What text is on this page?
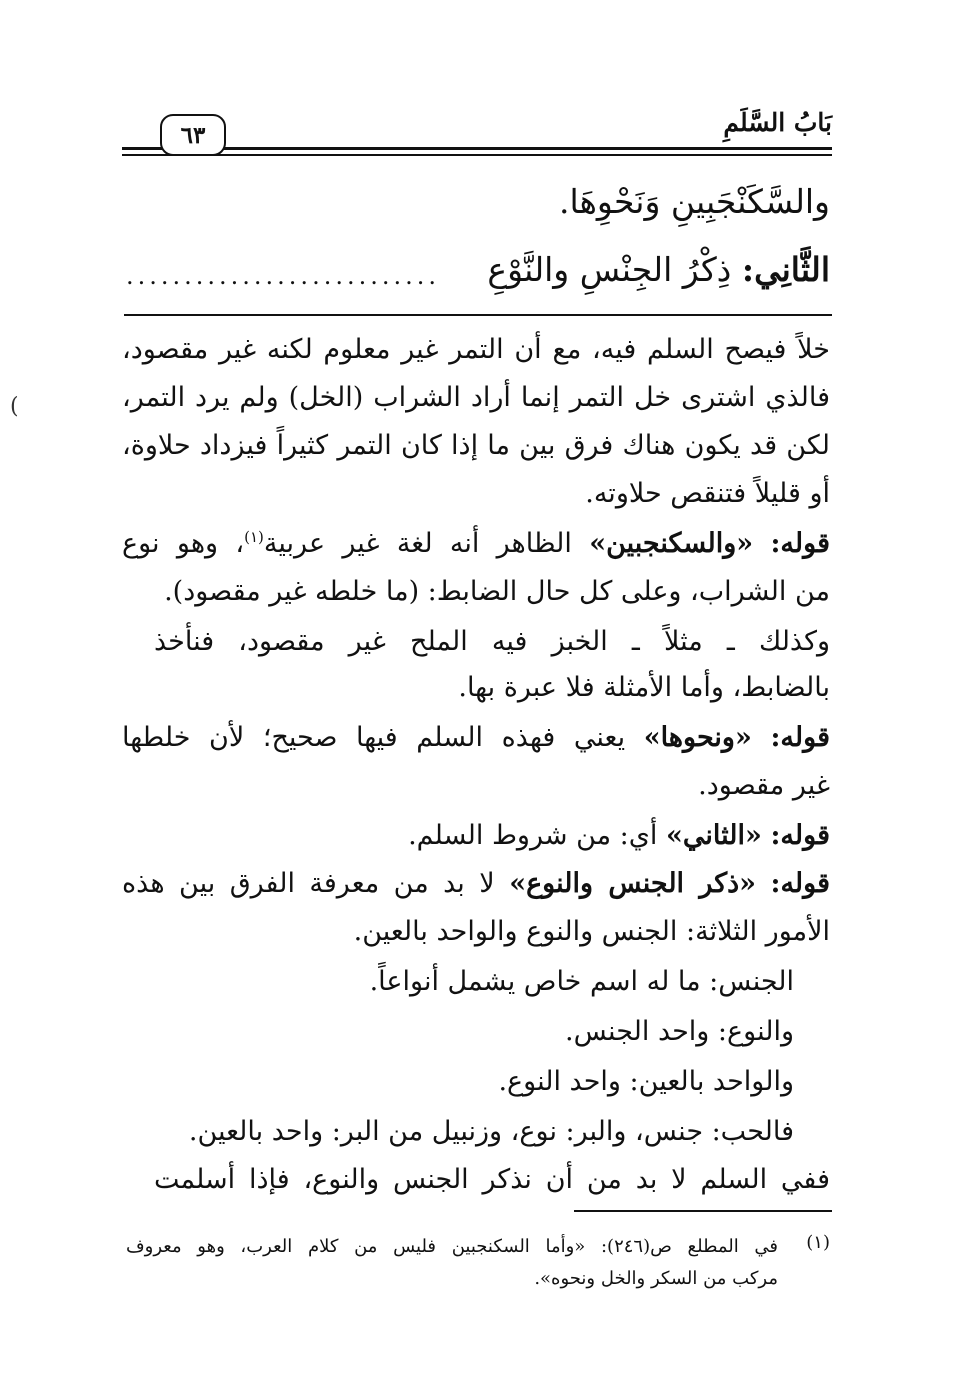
بَابُ السَّلَمِ
٦٣
والسَّكَنْجَبِينِ وَنَحْوِهَا.
الثَّانِي: ذِكْرُ الجِنْسِ والنَّوْعِ
...........................
خلاً فيصح السلم فيه، مع أن التمر غير معلوم لكنه غير مقصود،
فالذي اشترى خل التمر إنما أراد الشراب (الخل) ولم يرد التمر،
لكن قد يكون هناك فرق بين ما إذا كان التمر كثيراً فيزداد حلاوة،
أو قليلاً فتنقص حلاوته.
قوله: «والسكنجبين» الظاهر أنه لغة غير عربية$^{(١)}$، وهو نوع
من الشراب، وعلى كل حال الضابط: (ما خلطه غير مقصود).
وكذلك ـ مثلاً ـ الخبز فيه الملح غير مقصود، فنأخذ
بالضابط، وأما الأمثلة فلا عبرة بها.
قوله: «ونحوها» يعني فهذه السلم فيها صحيح؛ لأن خلطها
غير مقصود.
قوله: «الثاني» أي: من شروط السلم.
قوله: «ذكر الجنس والنوع» لا بد من معرفة الفرق بين هذه
الأمور الثلاثة: الجنس والنوع والواحد بالعين.
الجنس: ما له اسم خاص يشمل أنواعاً.
والنوع: واحد الجنس.
والواحد بالعين: واحد النوع.
فالحب: جنس، والبر: نوع، وزنبيل من البر: واحد بالعين.
ففي السلم لا بد من أن نذكر الجنس والنوع، فإذا أسلمت
(١)
في المطلع ص(٢٤٦): «وأما السكنجبين فليس من كلام العرب، وهو معروف
مركب من السكر والخل ونحوه».
(
